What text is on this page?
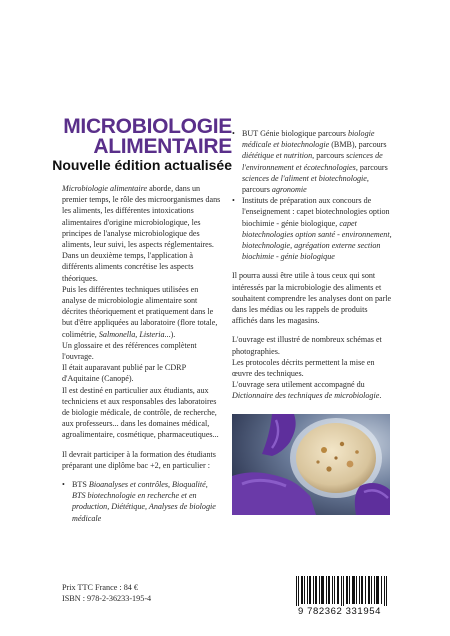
MICROBIOLOGIE
ALIMENTAIRE
Nouvelle édition actualisée

Microbiologie alimentaire aborde, dans un premier temps, le rôle des microorganismes dans les aliments, les différentes intoxications alimentaires d'origine microbiologique, les principes de l'analyse microbiologique des aliments, leur suivi, les aspects réglementaires.

Dans un deuxième temps, l'application à différents aliments concrétise les aspects théoriques.

Puis les différentes techniques utilisées en analyse de microbiologie alimentaire sont décrites théoriquement et pratiquement dans le but d'être appliquées au laboratoire (flore totale, colimétrie, Salmonella, Listeria...).

Un glossaire et des références complètent l'ouvrage.

Il était auparavant publié par le CDRP d'Aquitaine (Canopé).

Il est destiné en particulier aux étudiants, aux techniciens et aux responsables des laboratoires de biologie médicale, de contrôle, de recherche, aux professeurs... dans les domaines médical, agroalimentaire, cosmétique, pharmaceutiques...

Il devrait participer à la formation des étudiants préparant une diplôme bac +2, en particulier :

• BTS Bioanalyses et contrôles, Bioqualité, BTS biotechnologie en recherche et en production, Diététique, Analyses de biologie médicale

• BUT Génie biologique parcours biologie médicale et biotechnologie (BMB), parcours diététique et nutrition, parcours sciences de l'environnement et écotechnologies, parcours sciences de l'aliment et biotechnologie, parcours agronomie

• Instituts de préparation aux concours de l'enseignement : capet biotechnologies option biochimie - génie biologique, capet biotechnologies option santé - environnement, biotechnologie, agrégation externe section biochimie - génie biologique

Il pourra aussi être utile à tous ceux qui sont intéressés par la microbiologie des aliments et souhaitent comprendre les analyses dont on parle dans les médias ou les rappels de produits affichés dans les magasins.

L'ouvrage est illustré de nombreux schémas et photographies.

Les protocoles décrits permettent la mise en œuvre des techniques.

L'ouvrage sera utilement accompagné du Dictionnaire des techniques de microbiologie.

Prix TTC France : 84 €
ISBN : 978-2-36233-195-4
9 782362 331954
